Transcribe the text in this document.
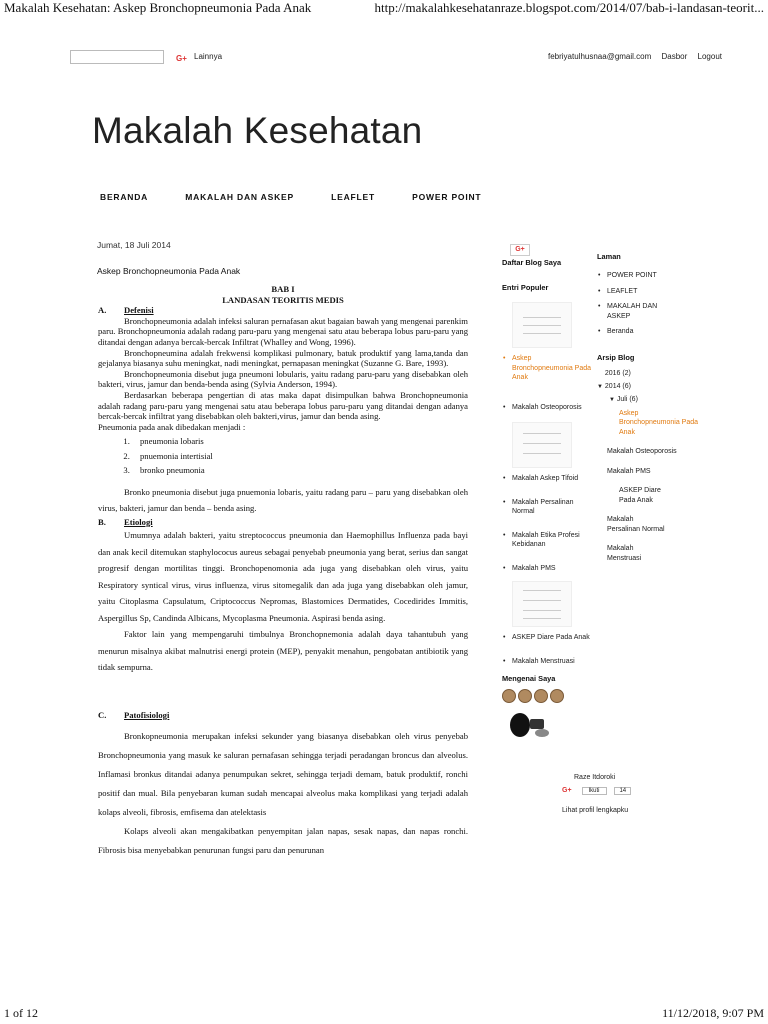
Makalah Kesehatan: Askep Bronchopneumonia Pada Anak	http://makalahkesehatanraze.blogspot.com/2014/07/bab-i-landasan-teorit...
G+ Lainnya	febriyatulhusnaa@gmail.com Dasbor Logout
Makalah Kesehatan
BERANDA	MAKALAH DAN ASKEP	LEAFLET	POWER POINT
Jumat, 18 Juli 2014
Askep Bronchopneumonia Pada Anak

BAB I

LANDASAN TEORITIS MEDIS

A. Defenisi

Bronchopneumonia adalah infeksi saluran pernafasan akut bagaian bawah yang mengenai parenkim paru. Bronchopneumonia adalah radang paru-paru yang mengenai satu atau beberapa lobus paru-paru yang ditandai dengan adanya bercak-bercak Infiltrat (Whalley and Wong, 1996).

Bronchopneumina adalah frekwensi komplikasi pulmonary, batuk produktif yang lama,tanda dan gejalanya biasanya suhu meningkat, nadi meningkat, pernapasan meningkat (Suzanne G. Bare, 1993).

Bronchopneumonia disebut juga pneumoni lobularis, yaitu radang paru-paru yang disebabkan oleh bakteri, virus, jamur dan benda-benda asing (Sylvia Anderson, 1994).

Berdasarkan beberapa pengertian di atas maka dapat disimpulkan bahwa Bronchopneumonia adalah radang paru-paru yang mengenai satu atau beberapa lobus paru-paru yang ditandai dengan adanya bercak-bercak infiltrat yang disebabkan oleh bakteri,virus, jamur dan benda asing.

Pneumonia pada anak dibedakan menjadi :

1. pneumonia lobaris
2. pnuemonia intertisial
3. bronko pneumonia

Bronko pneumonia disebut juga pnuemonia lobaris, yaitu radang paru – paru yang disebabkan oleh virus, bakteri, jamur dan benda – benda asing.

B. Etiologi

Umumnya adalah bakteri, yaitu streptococcus pneumonia dan Haemophillus Influenza pada bayi dan anak kecil ditemukan staphylococus aureus sebagai penyebab pneumonia yang berat, serius dan sangat progresif dengan mortilitas tinggi. Bronchopenomonia ada juga yang disebabkan oleh virus, yaitu Respiratory syntical virus, virus influenza, virus sitomegalik dan ada juga yang disebabkan oleh jamur, yaitu Citoplasma Capsulatum, Criptococcus Nepromas, Blastomices Dermatides, Cocedirides Immitis, Aspergillus Sp, Candinda Albicans, Mycoplasma Pneumonia. Aspirasi benda asing.

Faktor lain yang mempengaruhi timbulnya Bronchopnemonia adalah daya tahantubuh yang menurun misalnya akibat malnutrisi energi protein (MEP), penyakit menahun, pengobatan antibiotik yang tidak sempurna.

C. Patofisiologi

Bronkopneumonia merupakan infeksi sekunder yang biasanya disebabkan oleh virus penyebab Bronchopneumonia yang masuk ke saluran pernafasan sehingga terjadi peradangan broncus dan alveolus. Inflamasi bronkus ditandai adanya penumpukan sekret, sehingga terjadi demam, batuk produktif, ronchi positif dan mual. Bila penyebaran kuman sudah mencapai alveolus maka komplikasi yang terjadi adalah kolaps alveoli, fibrosis, emfisema dan atelektasis

Kolaps alveoli akan mengakibatkan penyempitan jalan napas, sesak napas, dan napas ronchi. Fibrosis bisa menyebabkan penurunan fungsi paru dan penurunan

G+
Daftar Blog Saya
Entri Populer
• Askep Bronchopneumonia Pada Anak
• Makalah Osteoporosis
• Makalah Askep Tifoid
• Makalah Persalinan Normal
• Makalah Etika Profesi Kebidanan
• Makalah PMS
• ASKEP Diare Pada Anak
• Makalah Menstruasi
Mengenai Saya
Raze Itdoroki
G+	Ikuti	14
Lihat profil lengkapku
Laman
• POWER POINT
• LEAFLET
• MAKALAH DAN ASKEP
• Beranda
Arsip Blog
▶ 2016 (2)
▼ 2014 (6)
▼ Juli (6)
Askep Bronchopneumonia Pada Anak
Makalah Osteoporosis
Makalah PMS
ASKEP Diare Pada Anak
Makalah Persalinan Normal
Makalah Menstruasi
1 of 12	11/12/2018, 9:07 PM
